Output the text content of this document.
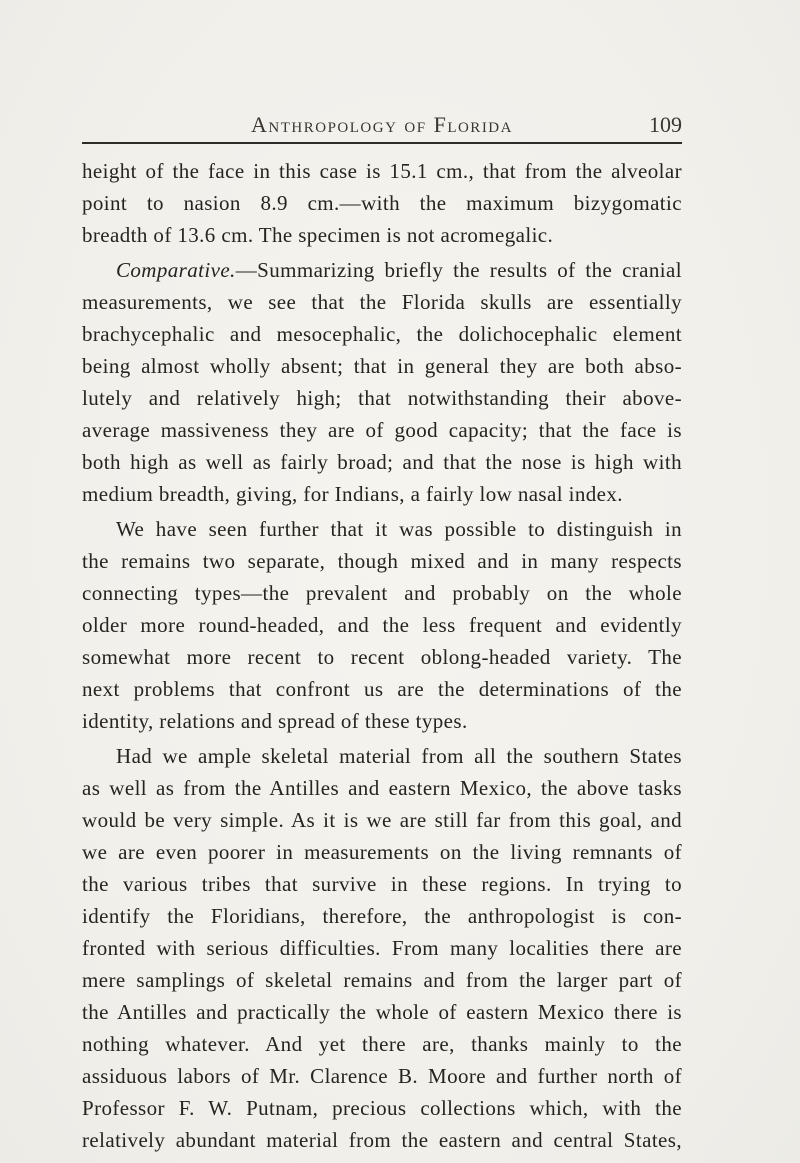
Anthropology of Florida	109
height of the face in this case is 15.1 cm., that from the alveolar
point to nasion 8.9 cm.—with the maximum bizygomatic
breadth of 13.6 cm. The specimen is not acromegalic.
Comparative.—Summarizing briefly the results of the cranial
measurements, we see that the Florida skulls are essentially
brachycephalic and mesocephalic, the dolichocephalic element
being almost wholly absent; that in general they are both abso-
lutely and relatively high; that notwithstanding their above-
average massiveness they are of good capacity; that the face is
both high as well as fairly broad; and that the nose is high with
medium breadth, giving, for Indians, a fairly low nasal index.
We have seen further that it was possible to distinguish in
the remains two separate, though mixed and in many respects
connecting types—the prevalent and probably on the whole
older more round-headed, and the less frequent and evidently
somewhat more recent to recent oblong-headed variety. The
next problems that confront us are the determinations of the
identity, relations and spread of these types.
Had we ample skeletal material from all the southern States
as well as from the Antilles and eastern Mexico, the above tasks
would be very simple. As it is we are still far from this goal, and
we are even poorer in measurements on the living remnants of
the various tribes that survive in these regions. In trying to
identify the Floridians, therefore, the anthropologist is con-
fronted with serious difficulties. From many localities there are
mere samplings of skeletal remains and from the larger part of
the Antilles and practically the whole of eastern Mexico there is
nothing whatever. And yet there are, thanks mainly to the
assiduous labors of Mr. Clarence B. Moore and further north of
Professor F. W. Putnam, precious collections which, with the
relatively abundant material from the eastern and central States,
